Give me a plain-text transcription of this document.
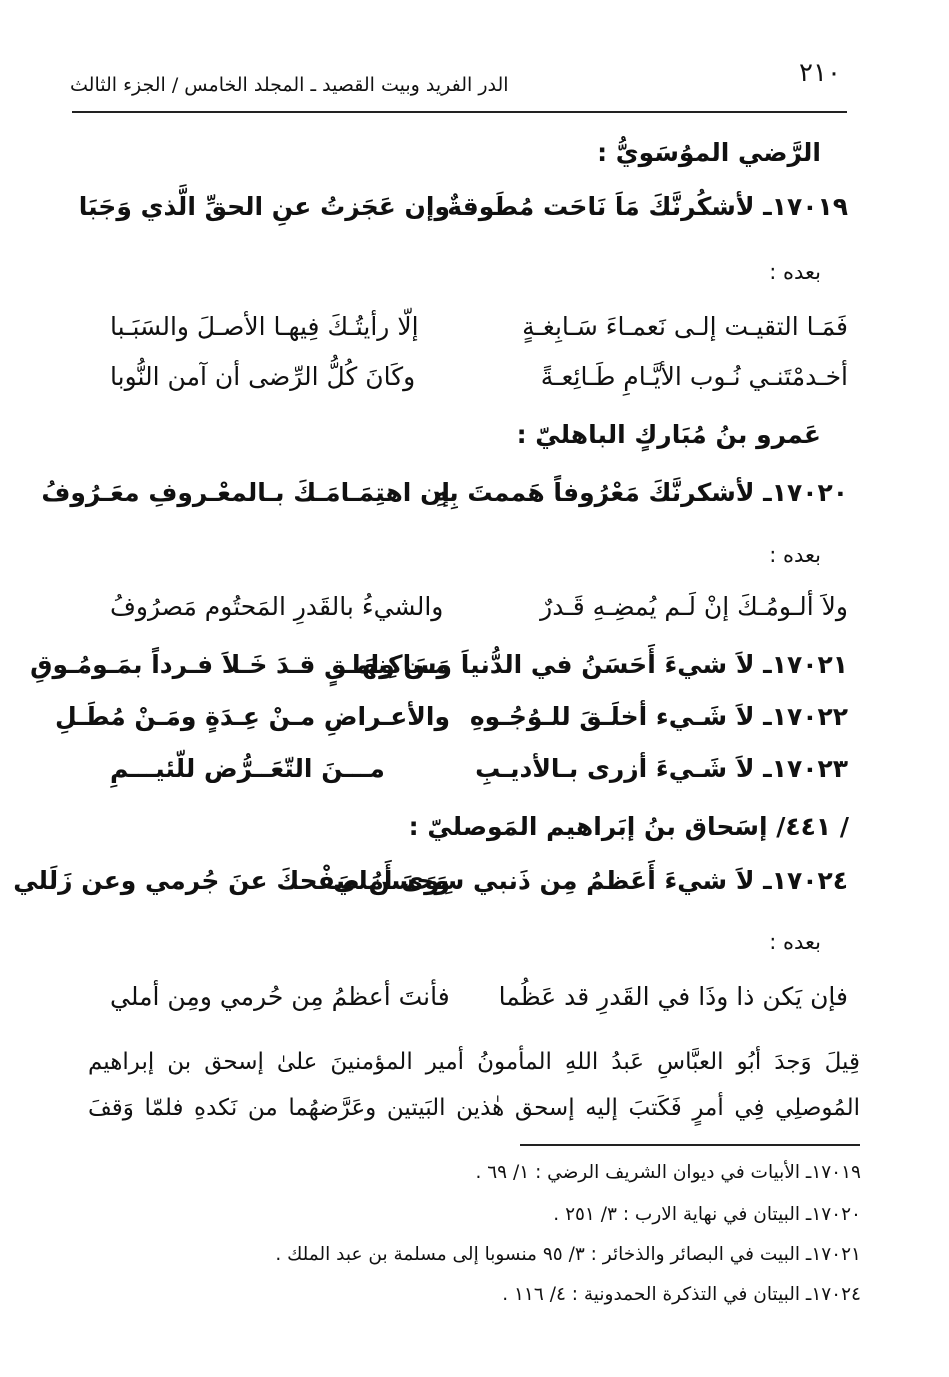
٢١٠
الدر الفريد وبيت القصيد ـ المجلد الخامس / الجزء الثالث
الرَّضي الموُسَويُّ :
١٧٠١٩ـ لأشكُرنَّكَ مَاَ نَاحَت مُطَوقةٌ
وإن عَجَزتُ عنِ الحقِّ الَّذي وَجَبَا
بعده :
فَمَـا التقيـت إلـى نَعمـاءَ سَـابِغـةٍ
إلّا رأيتُـكَ فِيهـا الأصـلَ والسَبَـبا
أخـدمْتَنـي نُـوب الأيَّـامِ طَـائِعـةً
وكَانَ كُلُّ الرِّضى أن آمن النُّوبا
عَمرو بنُ مُبَاركٍ الباهليّ :
١٧٠٢٠ـ لأشكرنَّكَ مَعْرُوفاً هَممتَ بِهِ
إن اهتِمَـامَـكَ بـالمعْـروفِ معَـرُوفُ
بعده :
ولاَ ألـومُـكَ إنْ لَـم يُمضِـهِ قَـدرٌ
والشيءُ بالقَدرِ المَحتُوم مَصرُوفُ
١٧٠٢١ـ لاَ شيءَ أَحَسَنُ في الدُّنياَ وَسَاكِنِهَا
مـن وامـقٍ قـدَ خَـلاَ فـرداً بمَـومُـوقِ
١٧٠٢٢ـ لاَ شَـيء أخلَـقَ للـوُجُـوهِ
والأعـراضِ مـنْ عِـدَةٍ ومَـنْ مُطَـلِ
١٧٠٢٣ـ لاَ شَـيءَ أزرى بـالأديـبِ
مـــنَ التّعَــرُّض للّئيـــمِ
/ ٤٤١/ إسَحاق بنُ إبَراهيم المَوصليّ :
١٧٠٢٤ـ لاَ شيءَ أَعَظمُ مِن ذَنبي سِوَىَ أَمَلي
وَحسنُ صَفْحكَ عنَ جُرمي وعن زَلَلي
بعده :
فإن يَكن ذا وذَا في القَدرِ قد عَظُما
فأنتَ أعظمُ مِن حُرمي ومِن أملي
قِيلَ وَجدَ أبُو العبَّاسِ عَبدُ اللهِ المأمونُ أمير المؤمنينَ علىٰ إسحق بن إبراهيم
المُوصلِي فِي أمرٍ فَكَتبَ إليه إسحق هٰذين البَيتين وعَرَّضهُما من نَكدهِ فلمّا وَقفَ
١٧٠١٩ـ الأبيات في ديوان الشريف الرضي : ١/ ٦٩ .
١٧٠٢٠ـ البيتان في نهاية الارب : ٣/ ٢٥١ .
١٧٠٢١ـ البيت في البصائر والذخائر : ٣/ ٩٥ منسوبا إلى مسلمة بن عبد الملك .
١٧٠٢٤ـ البيتان في التذكرة الحمدونية : ٤/ ١١٦ .
